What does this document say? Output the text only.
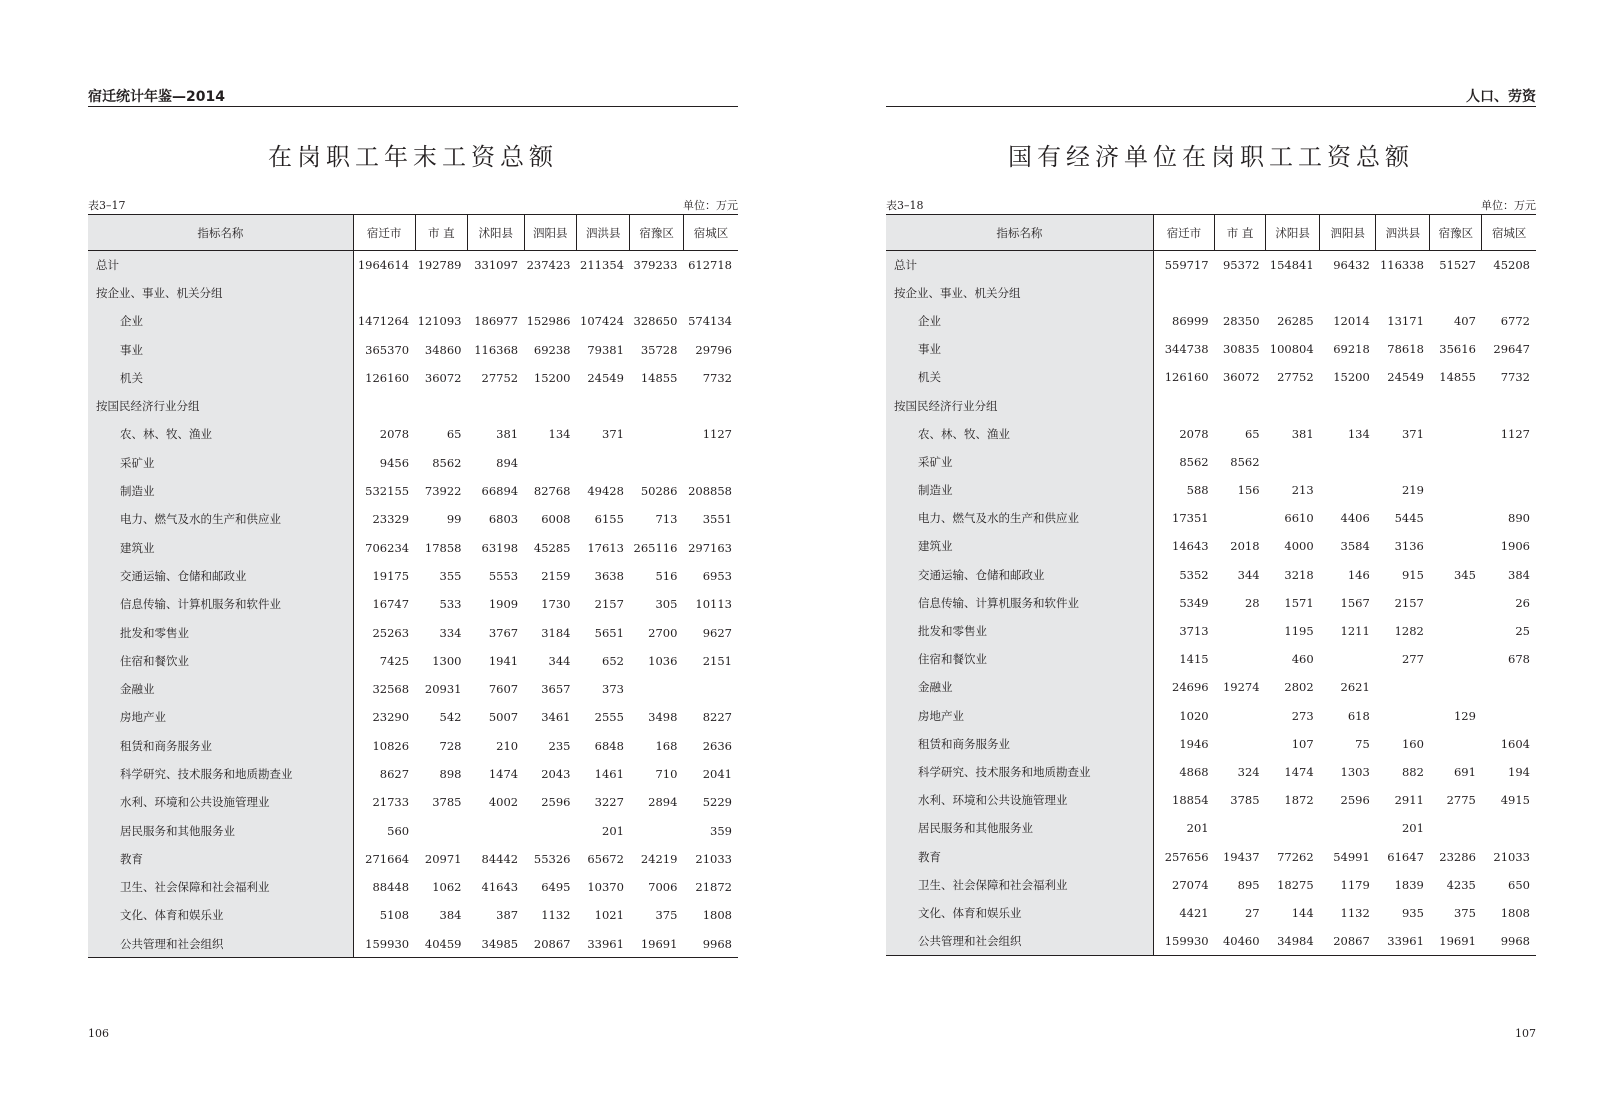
宿迁统计年鉴—2014
在岗职工年末工资总额
表3–17	单位：万元
指标名称	宿迁市	市 直	沭阳县	泗阳县	泗洪县	宿豫区	宿城区
总计	1964614	192789	331097	237423	211354	379233	612718
按企业、事业、机关分组							
企业	1471264	121093	186977	152986	107424	328650	574134
事业	365370	34860	116368	69238	79381	35728	29796
机关	126160	36072	27752	15200	24549	14855	7732
按国民经济行业分组							
农、林、牧、渔业	2078	65	381	134	371		1127
采矿业	9456	8562	894				
制造业	532155	73922	66894	82768	49428	50286	208858
电力、燃气及水的生产和供应业	23329	99	6803	6008	6155	713	3551
建筑业	706234	17858	63198	45285	17613	265116	297163
交通运输、仓储和邮政业	19175	355	5553	2159	3638	516	6953
信息传输、计算机服务和软件业	16747	533	1909	1730	2157	305	10113
批发和零售业	25263	334	3767	3184	5651	2700	9627
住宿和餐饮业	7425	1300	1941	344	652	1036	2151
金融业	32568	20931	7607	3657	373		
房地产业	23290	542	5007	3461	2555	3498	8227
租赁和商务服务业	10826	728	210	235	6848	168	2636
科学研究、技术服务和地质勘查业	8627	898	1474	2043	1461	710	2041
水利、环境和公共设施管理业	21733	3785	4002	2596	3227	2894	5229
居民服务和其他服务业	560				201		359
教育	271664	20971	84442	55326	65672	24219	21033
卫生、社会保障和社会福利业	88448	1062	41643	6495	10370	7006	21872
文化、体育和娱乐业	5108	384	387	1132	1021	375	1808
公共管理和社会组织	159930	40459	34985	20867	33961	19691	9968
106
人口、劳资
国有经济单位在岗职工工资总额
表3–18	单位：万元
指标名称	宿迁市	市 直	沭阳县	泗阳县	泗洪县	宿豫区	宿城区
总计	559717	95372	154841	96432	116338	51527	45208
按企业、事业、机关分组							
企业	86999	28350	26285	12014	13171	407	6772
事业	344738	30835	100804	69218	78618	35616	29647
机关	126160	36072	27752	15200	24549	14855	7732
按国民经济行业分组							
农、林、牧、渔业	2078	65	381	134	371		1127
采矿业	8562	8562					
制造业	588	156	213		219		
电力、燃气及水的生产和供应业	17351		6610	4406	5445		890
建筑业	14643	2018	4000	3584	3136		1906
交通运输、仓储和邮政业	5352	344	3218	146	915	345	384
信息传输、计算机服务和软件业	5349	28	1571	1567	2157		26
批发和零售业	3713		1195	1211	1282		25
住宿和餐饮业	1415		460		277		678
金融业	24696	19274	2802	2621			
房地产业	1020		273	618		129	
租赁和商务服务业	1946		107	75	160		1604
科学研究、技术服务和地质勘查业	4868	324	1474	1303	882	691	194
水利、环境和公共设施管理业	18854	3785	1872	2596	2911	2775	4915
居民服务和其他服务业	201				201		
教育	257656	19437	77262	54991	61647	23286	21033
卫生、社会保障和社会福利业	27074	895	18275	1179	1839	4235	650
文化、体育和娱乐业	4421	27	144	1132	935	375	1808
公共管理和社会组织	159930	40460	34984	20867	33961	19691	9968
107
